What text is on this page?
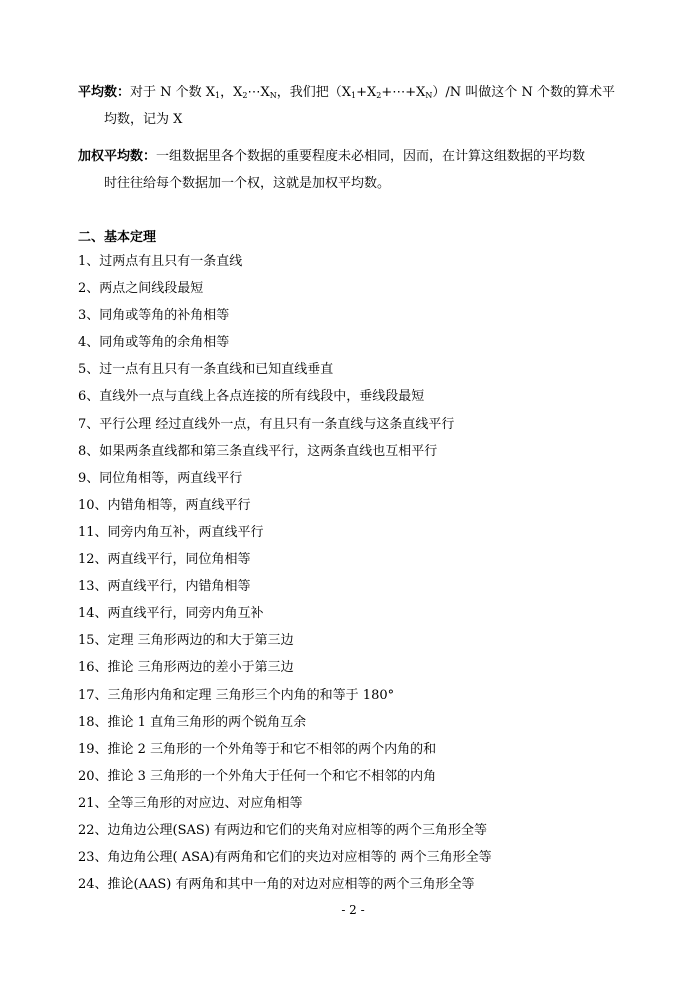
平均数：对于 N 个数 $X_1$，$X_2\cdots X_N$，我们把$(X_1+X_2+\cdots+X_N)/N$ 叫做这个 N 个数的算术平
均数，记为 X
加权平均数：一组数据里各个数据的重要程度未必相同，因而，在计算这组数据的平均数
时往往给每个数据加一个权，这就是加权平均数。
二、基本定理
1、过两点有且只有一条直线
2、两点之间线段最短
3、同角或等角的补角相等
4、同角或等角的余角相等
5、过一点有且只有一条直线和已知直线垂直
6、直线外一点与直线上各点连接的所有线段中，垂线段最短
7、平行公理 经过直线外一点，有且只有一条直线与这条直线平行
8、如果两条直线都和第三条直线平行，这两条直线也互相平行
9、同位角相等，两直线平行
10、内错角相等，两直线平行
11、同旁内角互补，两直线平行
12、两直线平行，同位角相等
13、两直线平行，内错角相等
14、两直线平行，同旁内角互补
15、定理 三角形两边的和大于第三边
16、推论 三角形两边的差小于第三边
17、三角形内角和定理 三角形三个内角的和等于 180°
18、推论 1 直角三角形的两个锐角互余
19、推论 2 三角形的一个外角等于和它不相邻的两个内角的和
20、推论 3 三角形的一个外角大于任何一个和它不相邻的内角
21、全等三角形的对应边、对应角相等
22、边角边公理(SAS) 有两边和它们的夹角对应相等的两个三角形全等
23、角边角公理( ASA)有两角和它们的夹边对应相等的 两个三角形全等
24、推论(AAS) 有两角和其中一角的对边对应相等的两个三角形全等
- 2 -
